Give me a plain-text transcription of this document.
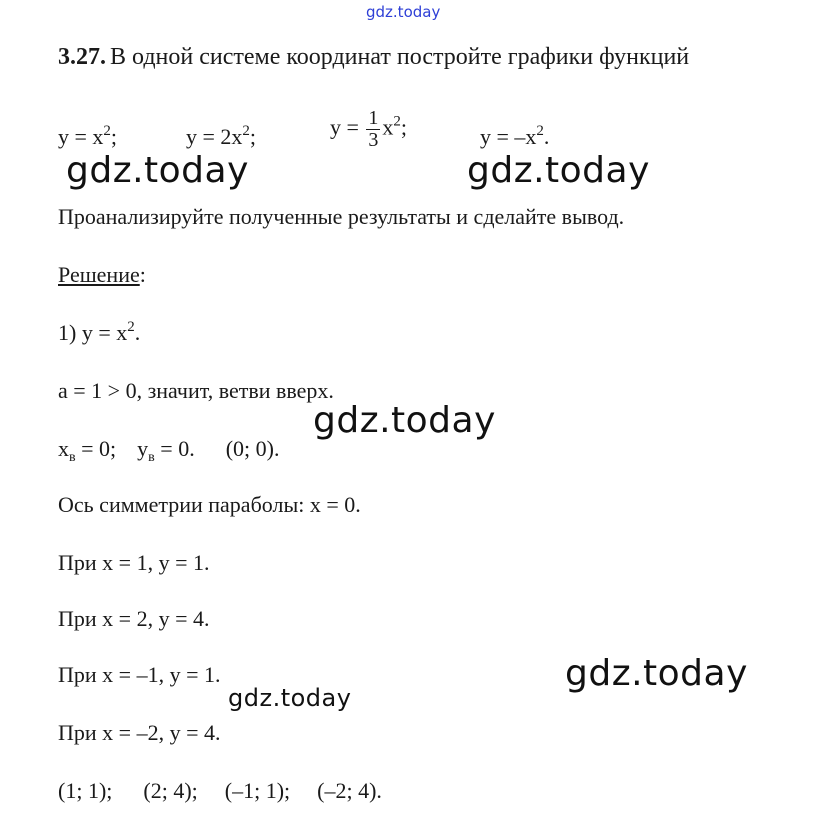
gdz.today
gdz.today	gdz.today
gdz.today
gdz.today
gdz.today
3.27. В одной системе координат постройте графики функций
$y = x^2$;	$y = 2x^2$;	$y = \frac{1}{3} x^2$;	$y = -x^2$.
Проанализируйте полученные результаты и сделайте вывод.
Решение:
1) $y = x^2$.
a = 1 > 0, значит, ветви вверх.
$x_в = 0$; $y_в = 0$. (0; 0).
Ось симметрии параболы: x = 0.
При x = 1, y = 1.
При x = 2, y = 4.
При x = –1, y = 1.
При x = –2, y = 4.
(1; 1); (2; 4); (–1; 1); (–2; 4).
